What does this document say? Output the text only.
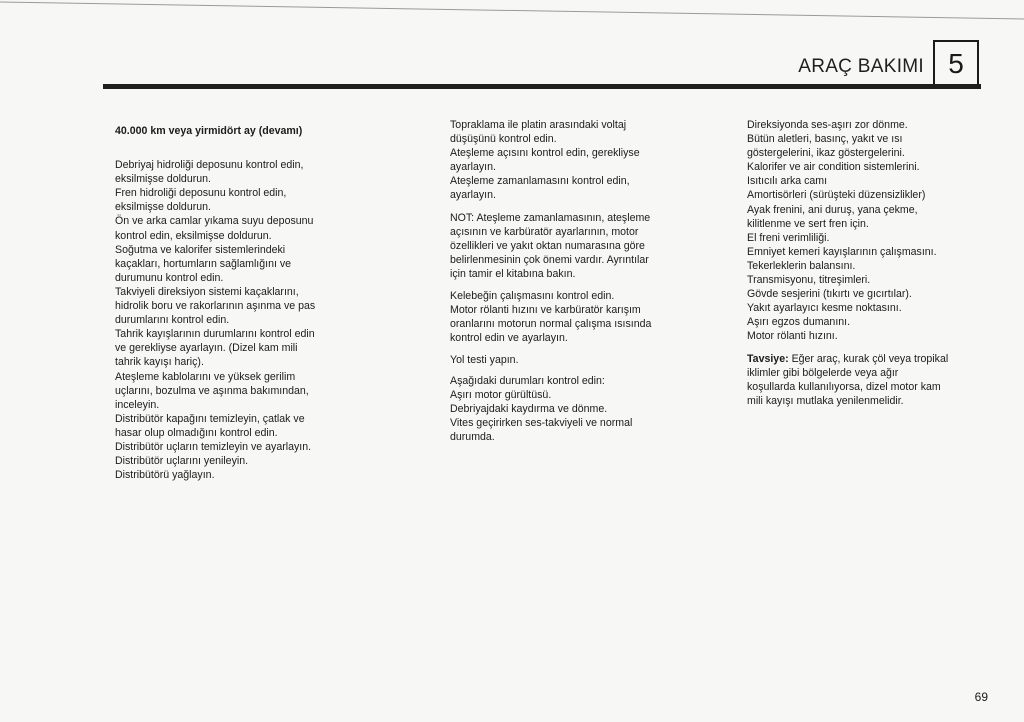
ARAÇ BAKIMI 5
40.000 km veya yirmidört ay (devamı)
Debriyaj hidroliği deposunu kontrol edin,
eksilmişse doldurun.
Fren hidroliği deposunu kontrol edin,
eksilmişse doldurun.
Ön ve arka camlar yıkama suyu deposunu
kontrol edin, eksilmişse doldurun.
Soğutma ve kalorifer sistemlerindeki
kaçakları, hortumların sağlamlığını ve
durumunu kontrol edin.
Takviyeli direksiyon sistemi kaçaklarını,
hidrolik boru ve rakorlarının aşınma ve pas
durumlarını kontrol edin.
Tahrik kayışlarının durumlarını kontrol edin
ve gerekliyse ayarlayın. (Dizel kam mili
tahrik kayışı hariç).
Ateşleme kablolarını ve yüksek gerilim
uçlarını, bozulma ve aşınma bakımından,
inceleyin.
Distribütör kapağını temizleyin, çatlak ve
hasar olup olmadığını kontrol edin.
Distribütör uçların temizleyin ve ayarlayın.
Distribütör uçlarını yenileyin.
Distribütörü yağlayın.
Topraklama ile platin arasındaki voltaj
düşüşünü kontrol edin.
Ateşleme açısını kontrol edin, gerekliyse
ayarlayın.
Ateşleme zamanlamasını kontrol edin,
ayarlayın.
NOT: Ateşleme zamanlamasının, ateşleme
açısının ve karbüratör ayarlarının, motor
özellikleri ve yakıt oktan numarasına göre
belirlenmesinin çok önemi vardır. Ayrıntılar
için tamir el kitabına bakın.
Kelebeğin çalışmasını kontrol edin.
Motor rölanti hızını ve karbüratör karışım
oranlarını motorun normal çalışma ısısında
kontrol edin ve ayarlayın.
Yol testi yapın.
Aşağıdaki durumları kontrol edin:
Aşırı motor gürültüsü.
Debriyajdaki kaydırma ve dönme.
Vites geçirirken ses-takviyeli ve normal
durumda.
Direksiyonda ses-aşırı zor dönme.
Bütün aletleri, basınç, yakıt ve ısı
göstergelerini, ikaz göstergelerini.
Kalorifer ve air condition sistemlerini.
Isıtıcılı arka camı
Amortisörleri (sürüşteki düzensizlikler)
Ayak frenini, ani duruş, yana çekme,
kilitlenme ve sert fren için.
El freni verimliliği.
Emniyet kemeri kayışlarının çalışmasını.
Tekerleklerin balansını.
Transmisyonu, titreşimleri.
Gövde sesjerini (tıkırtı ve gıcırtılar).
Yakıt ayarlayıcı kesme noktasını.
Aşırı egzos dumanını.
Motor rölanti hızını.
Tavsiye: Eğer araç, kurak çöl veya tropikal
iklimler gibi bölgelerde veya ağır
koşullarda kullanılıyorsa, dizel motor kam
mili kayışı mutlaka yenilenmelidir.
69
